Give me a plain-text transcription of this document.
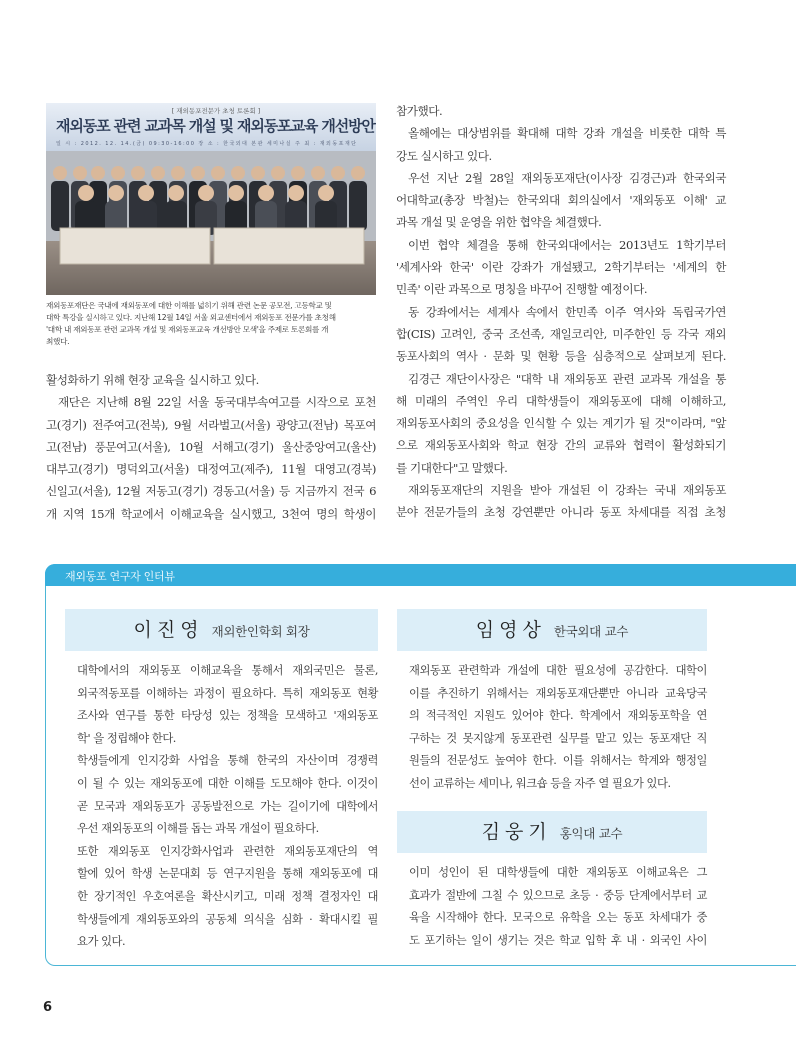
[ 재외동포전문가 초청 토론회 ]
재외동포 관련 교과목 개설 및 재외동포교육 개선방안
일 시 : 2012. 12. 14.(금) 09:30-16:00 장 소 : 한국외대 본관 세미나실 주 최 : 재외동포재단
재외동포재단은 국내에 재외동포에 대한 이해를 넓히기 위해 관련 논문 공모전, 고등학교 및
대학 특강을 실시하고 있다. 지난해 12월 14일 서울 외교센터에서 재외동포 전문가를 초청해
'대학 내 재외동포 관련 교과목 개설 및 재외동포교육 개선방안 모색'을 주제로 토론회를 개
최했다.

활성화하기 위해 현장 교육을 실시하고 있다.

재단은 지난해 8월 22일 서울 동국대부속여고를 시작으로 포천

고(경기) 전주여고(전북), 9월 서라벌고(서울) 광양고(전남) 목포여

고(전남) 풍문여고(서울), 10월 서해고(경기) 울산중앙여고(울산)

대부고(경기) 명덕외고(서울) 대정여고(제주), 11월 대영고(경북)

신일고(서울), 12월 저동고(경기) 경동고(서울) 등 지금까지 전국 6

개 지역 15개 학교에서 이해교육을 실시했고, 3천여 명의 학생이

참가했다.

올해에는 대상범위를 확대해 대학 강좌 개설을 비롯한 대학 특

강도 실시하고 있다.

우선 지난 2월 28일 재외동포재단(이사장 김경근)과 한국외국

어대학교(총장 박철)는 한국외대 회의실에서 '재외동포 이해' 교

과목 개설 및 운영을 위한 협약을 체결했다.

이번 협약 체결을 통해 한국외대에서는 2013년도 1학기부터

'세계사와 한국' 이란 강좌가 개설됐고, 2학기부터는 '세계의 한

민족' 이란 과목으로 명칭을 바꾸어 진행할 예정이다.

동 강좌에서는 세계사 속에서 한민족 이주 역사와 독립국가연

합(CIS) 고려인, 중국 조선족, 재일코리안, 미주한인 등 각국 재외

동포사회의 역사 · 문화 및 현황 등을 심층적으로 살펴보게 된다.

김경근 재단이사장은 "대학 내 재외동포 관련 교과목 개설을 통

해 미래의 주역인 우리 대학생들이 재외동포에 대해 이해하고,

재외동포사회의 중요성을 인식할 수 있는 계기가 될 것"이라며, "앞

으로 재외동포사회와 학교 현장 간의 교류와 협력이 활성화되기

를 기대한다"고 말했다.

재외동포재단의 지원을 받아 개설된 이 강좌는 국내 재외동포

분야 전문가들의 초청 강연뿐만 아니라 동포 차세대를 직접 초청

재외동포 연구자 인터뷰
이진영 재외한인학회 회장

대학에서의 재외동포 이해교육을 통해서 재외국민은 물론,

외국적동포를 이해하는 과정이 필요하다. 특히 재외동포 현황

조사와 연구를 통한 타당성 있는 정책을 모색하고 '재외동포

학' 을 정립해야 한다.

학생들에게 인지강화 사업을 통해 한국의 자산이며 경쟁력

이 될 수 있는 재외동포에 대한 이해를 도모해야 한다. 이것이

곧 모국과 재외동포가 공동발전으로 가는 길이기에 대학에서

우선 재외동포의 이해를 돕는 과목 개설이 필요하다.

또한 재외동포 인지강화사업과 관련한 재외동포재단의 역

할에 있어 학생 논문대회 등 연구지원을 통해 재외동포에 대

한 장기적인 우호여론을 확산시키고, 미래 정책 결정자인 대

학생들에게 재외동포와의 공동체 의식을 심화 · 확대시킬 필

요가 있다.

임영상 한국외대 교수

재외동포 관련학과 개설에 대한 필요성에 공감한다. 대학이

이를 추진하기 위해서는 재외동포재단뿐만 아니라 교육당국

의 적극적인 지원도 있어야 한다. 학계에서 재외동포학을 연

구하는 것 못지않게 동포관련 실무를 맡고 있는 동포재단 직

원들의 전문성도 높여야 한다. 이를 위해서는 학계와 행정일

선이 교류하는 세미나, 워크숍 등을 자주 열 필요가 있다.

김웅기 홍익대 교수

이미 성인이 된 대학생들에 대한 재외동포 이해교육은 그

효과가 절반에 그칠 수 있으므로 초등 · 중등 단계에서부터 교

육을 시작해야 한다. 모국으로 유학을 오는 동포 차세대가 중

도 포기하는 일이 생기는 것은 학교 입학 후 내 · 외국인 사이

6
